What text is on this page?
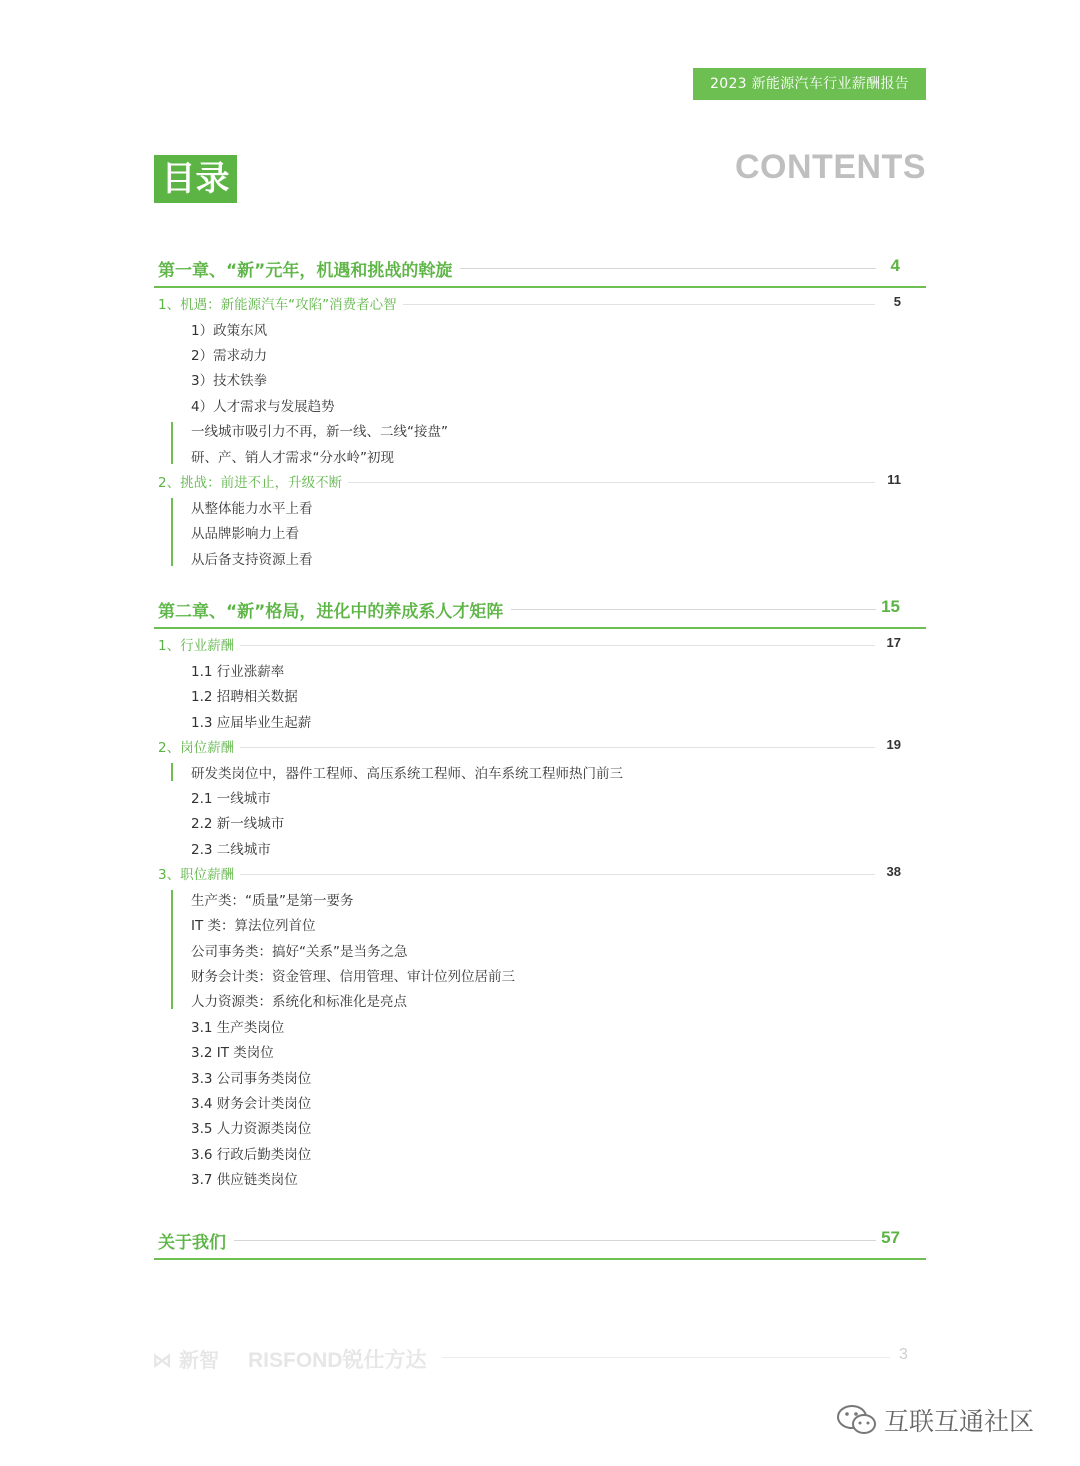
2023 新能源汽车行业薪酬报告
目录	CONTENTS
第一章、“新”元年，机遇和挑战的斡旋	4
1、机遇：新能源汽车“攻陷”消费者心智	5
1）政策东风
2）需求动力
3）技术铁拳
4）人才需求与发展趋势
一线城市吸引力不再，新一线、二线“接盘”
研、产、销人才需求“分水岭”初现
2、挑战：前进不止，升级不断	11
从整体能力水平上看
从品牌影响力上看
从后备支持资源上看
第二章、“新”格局，进化中的养成系人才矩阵	15
1、行业薪酬	17
1.1 行业涨薪率
1.2 招聘相关数据
1.3 应届毕业生起薪
2、岗位薪酬	19
研发类岗位中，器件工程师、高压系统工程师、泊车系统工程师热门前三
2.1 一线城市
2.2 新一线城市
2.3 二线城市
3、职位薪酬	38
生产类：“质量”是第一要务
IT 类：算法位列首位
公司事务类：搞好“关系”是当务之急
财务会计类：资金管理、信用管理、审计位列位居前三
人力资源类：系统化和标准化是亮点
3.1 生产类岗位
3.2 IT 类岗位
3.3 公司事务类岗位
3.4 财务会计类岗位
3.5 人力资源类岗位
3.6 行政后勤类岗位
3.7 供应链类岗位
关于我们	57
⋈ 新智 RISFOND锐仕方达	3
互联互通社区
